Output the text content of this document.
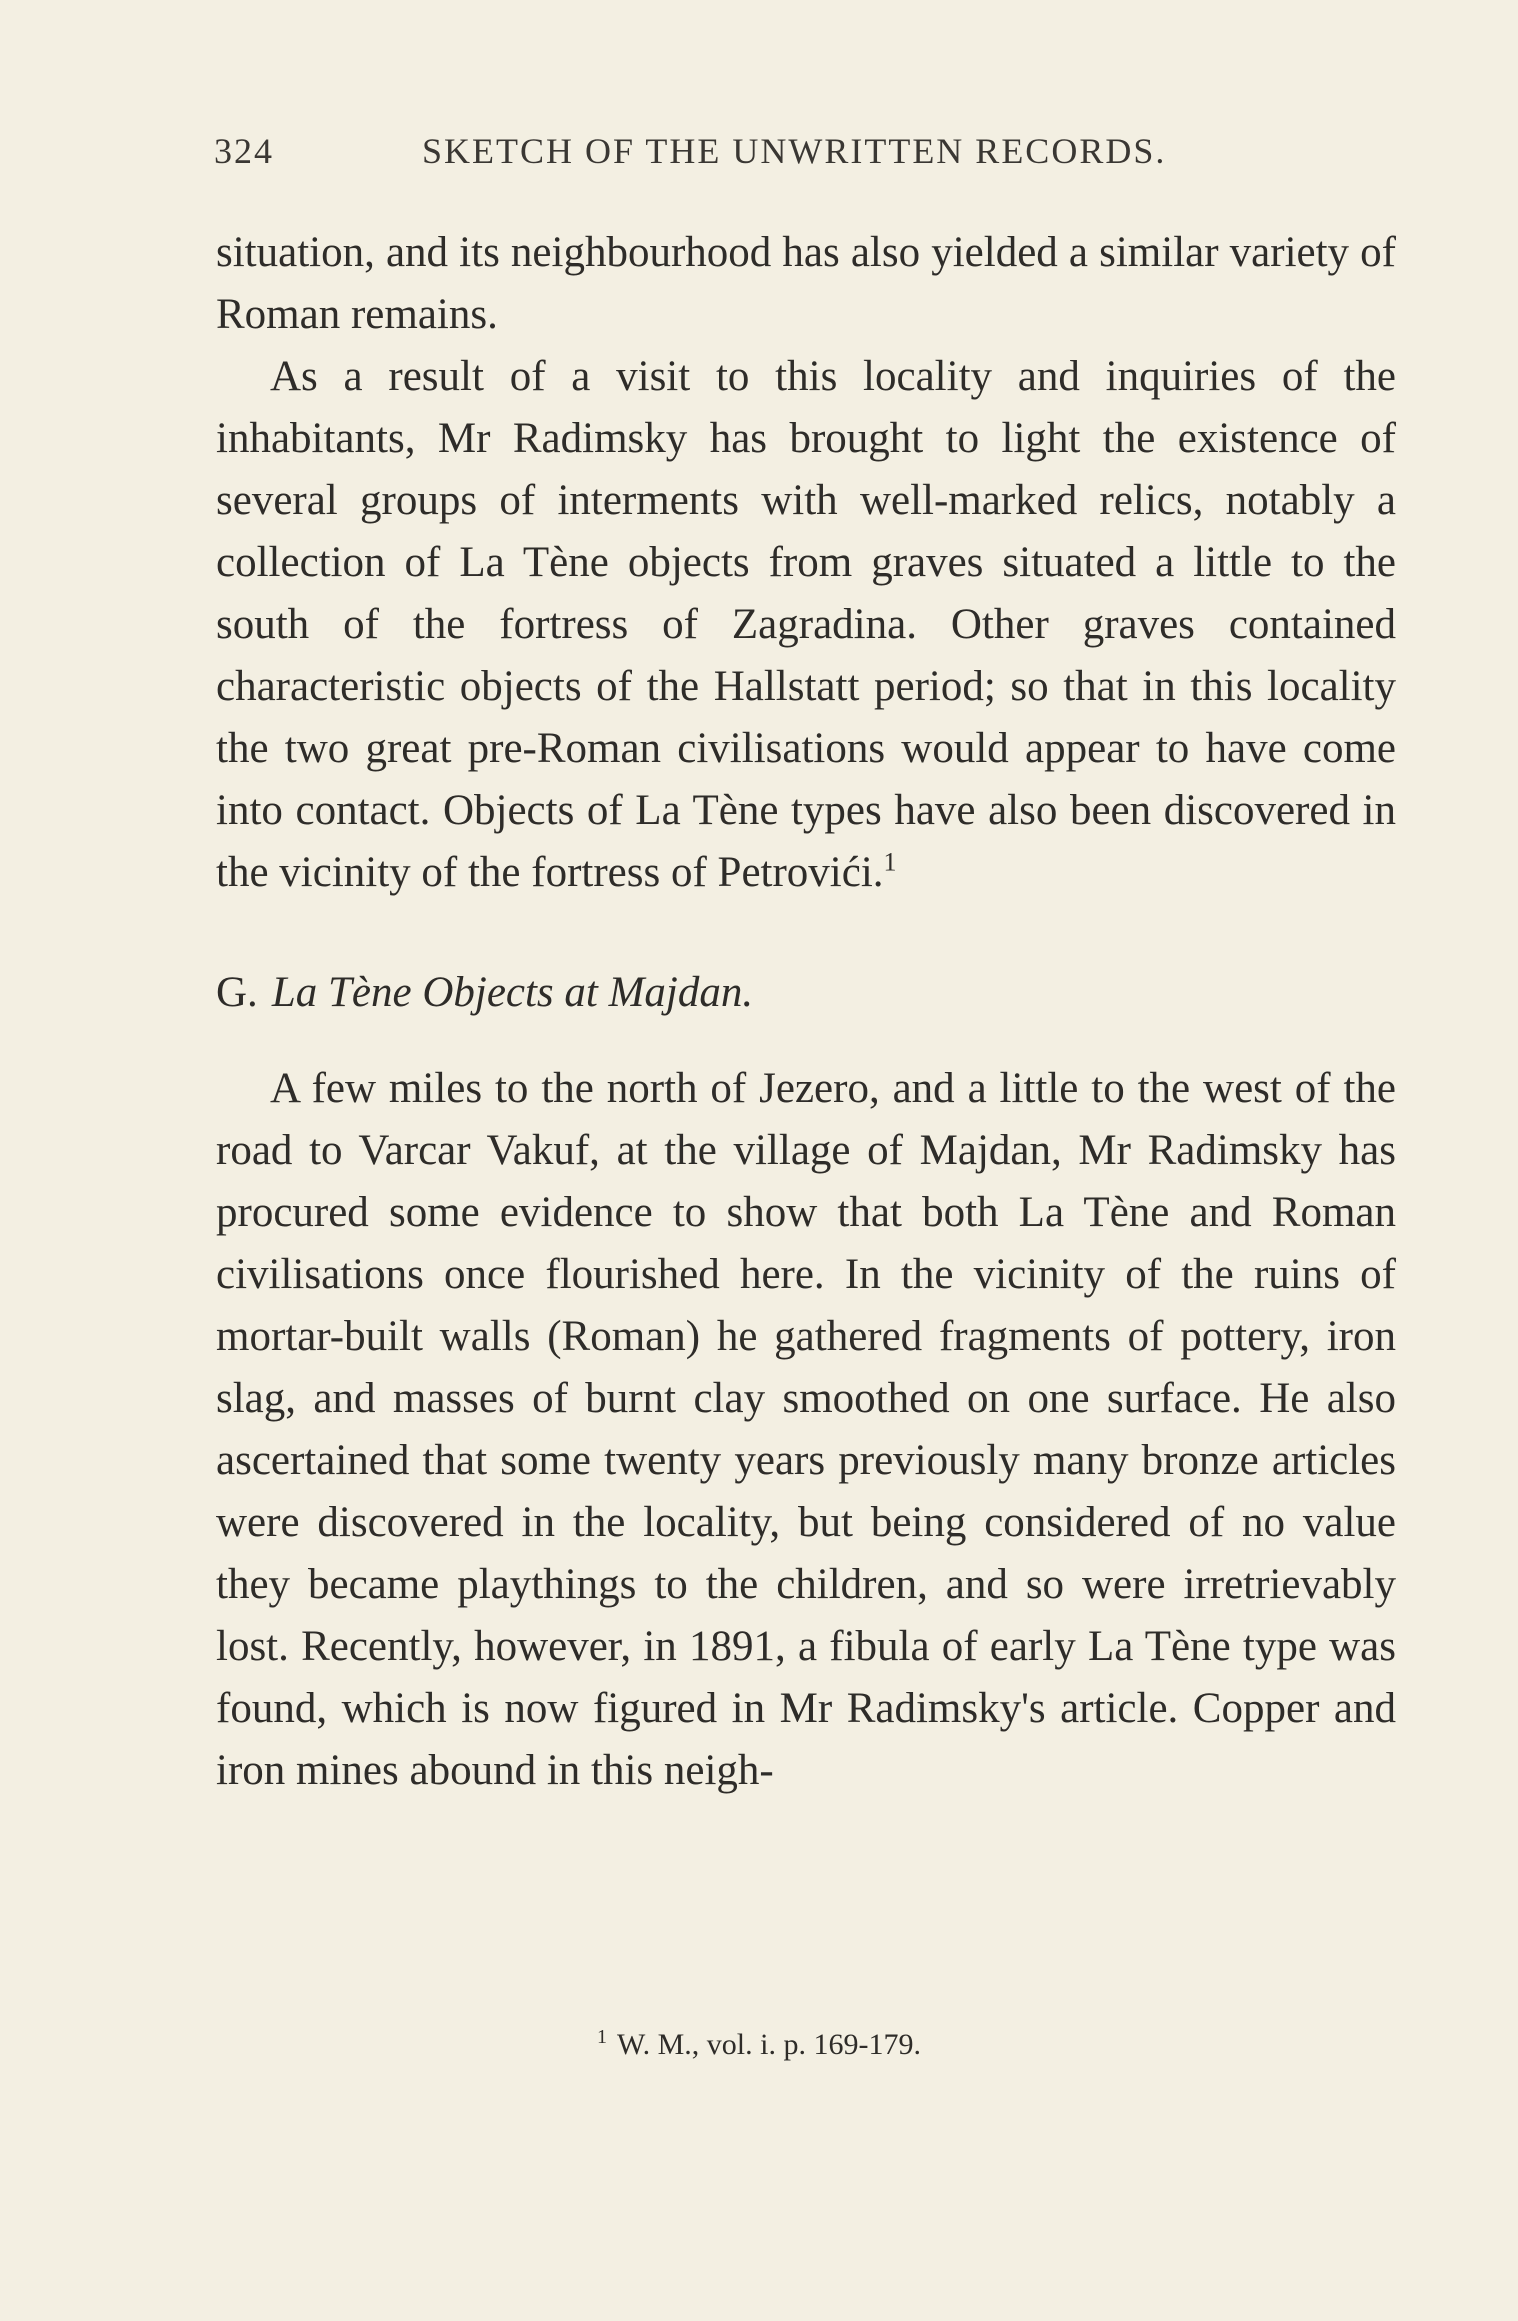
324	SKETCH OF THE UNWRITTEN RECORDS.

situation, and its neighbourhood has also yielded a similar variety of Roman remains.

As a result of a visit to this locality and inquiries of the inhabitants, Mr Radimsky has brought to light the existence of several groups of interments with well-marked relics, notably a collection of La Tène objects from graves situated a little to the south of the fortress of Zagradina. Other graves contained characteristic objects of the Hallstatt period; so that in this locality the two great pre-Roman civilisations would appear to have come into contact. Objects of La Tène types have also been discovered in the vicinity of the fortress of Petrovići.$^1$

G. La Tène Objects at Majdan.

A few miles to the north of Jezero, and a little to the west of the road to Varcar Vakuf, at the village of Majdan, Mr Radimsky has procured some evidence to show that both La Tène and Roman civilisations once flourished here. In the vicinity of the ruins of mortar-built walls (Roman) he gathered fragments of pottery, iron slag, and masses of burnt clay smoothed on one surface. He also ascertained that some twenty years previously many bronze articles were discovered in the locality, but being considered of no value they became playthings to the children, and so were irretrievably lost. Recently, however, in 1891, a fibula of early La Tène type was found, which is now figured in Mr Radimsky's article. Copper and iron mines abound in this neigh-

$^1$ W. M., vol. i. p. 169-179.
